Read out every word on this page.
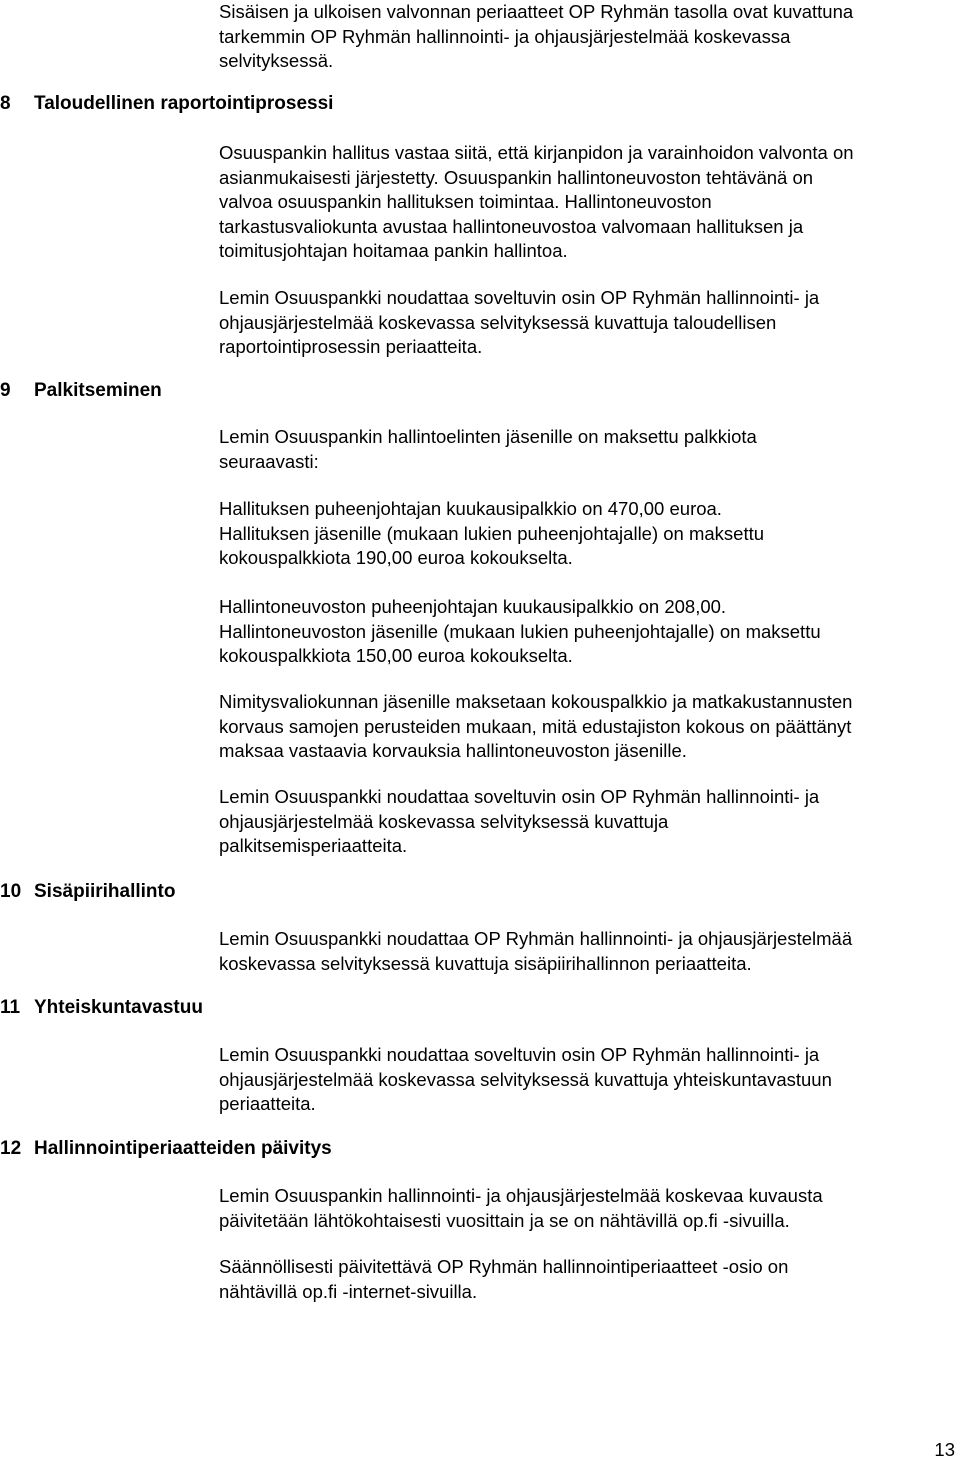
Sisäisen ja ulkoisen valvonnan periaatteet OP Ryhmän tasolla ovat kuvattuna
tarkemmin OP Ryhmän hallinnointi- ja ohjausjärjestelmää koskevassa
selvityksessä.

8 Taloudellinen raportointiprosessi

Osuuspankin hallitus vastaa siitä, että kirjanpidon ja varainhoidon valvonta on
asianmukaisesti järjestetty. Osuuspankin hallintoneuvoston tehtävänä on
valvoa osuuspankin hallituksen toimintaa. Hallintoneuvoston
tarkastusvaliokunta avustaa hallintoneuvostoa valvomaan hallituksen ja
toimitusjohtajan hoitamaa pankin hallintoa.

Lemin Osuuspankki noudattaa soveltuvin osin OP Ryhmän hallinnointi- ja
ohjausjärjestelmää koskevassa selvityksessä kuvattuja taloudellisen
raportointiprosessin periaatteita.

9 Palkitseminen

Lemin Osuuspankin hallintoelinten jäsenille on maksettu palkkiota
seuraavasti:

Hallituksen puheenjohtajan kuukausipalkkio on 470,00 euroa.
Hallituksen jäsenille (mukaan lukien puheenjohtajalle) on maksettu
kokouspalkkiota 190,00 euroa kokoukselta.

Hallintoneuvoston puheenjohtajan kuukausipalkkio on 208,00.
Hallintoneuvoston jäsenille (mukaan lukien puheenjohtajalle) on maksettu
kokouspalkkiota 150,00 euroa kokoukselta.

Nimitysvaliokunnan jäsenille maksetaan kokouspalkkio ja matkakustannusten
korvaus samojen perusteiden mukaan, mitä edustajiston kokous on päättänyt
maksaa vastaavia korvauksia hallintoneuvoston jäsenille.

Lemin Osuuspankki noudattaa soveltuvin osin OP Ryhmän hallinnointi- ja
ohjausjärjestelmää koskevassa selvityksessä kuvattuja
palkitsemisperiaatteita.

10 Sisäpiirihallinto

Lemin Osuuspankki noudattaa OP Ryhmän hallinnointi- ja ohjausjärjestelmää
koskevassa selvityksessä kuvattuja sisäpiirihallinnon periaatteita.

11 Yhteiskuntavastuu

Lemin Osuuspankki noudattaa soveltuvin osin OP Ryhmän hallinnointi- ja
ohjausjärjestelmää koskevassa selvityksessä kuvattuja yhteiskuntavastuun
periaatteita.

12 Hallinnointiperiaatteiden päivitys

Lemin Osuuspankin hallinnointi- ja ohjausjärjestelmää koskevaa kuvausta
päivitetään lähtökohtaisesti vuosittain ja se on nähtävillä op.fi -sivuilla.

Säännöllisesti päivitettävä OP Ryhmän hallinnointiperiaatteet -osio on
nähtävillä op.fi -internet-sivuilla.

13
